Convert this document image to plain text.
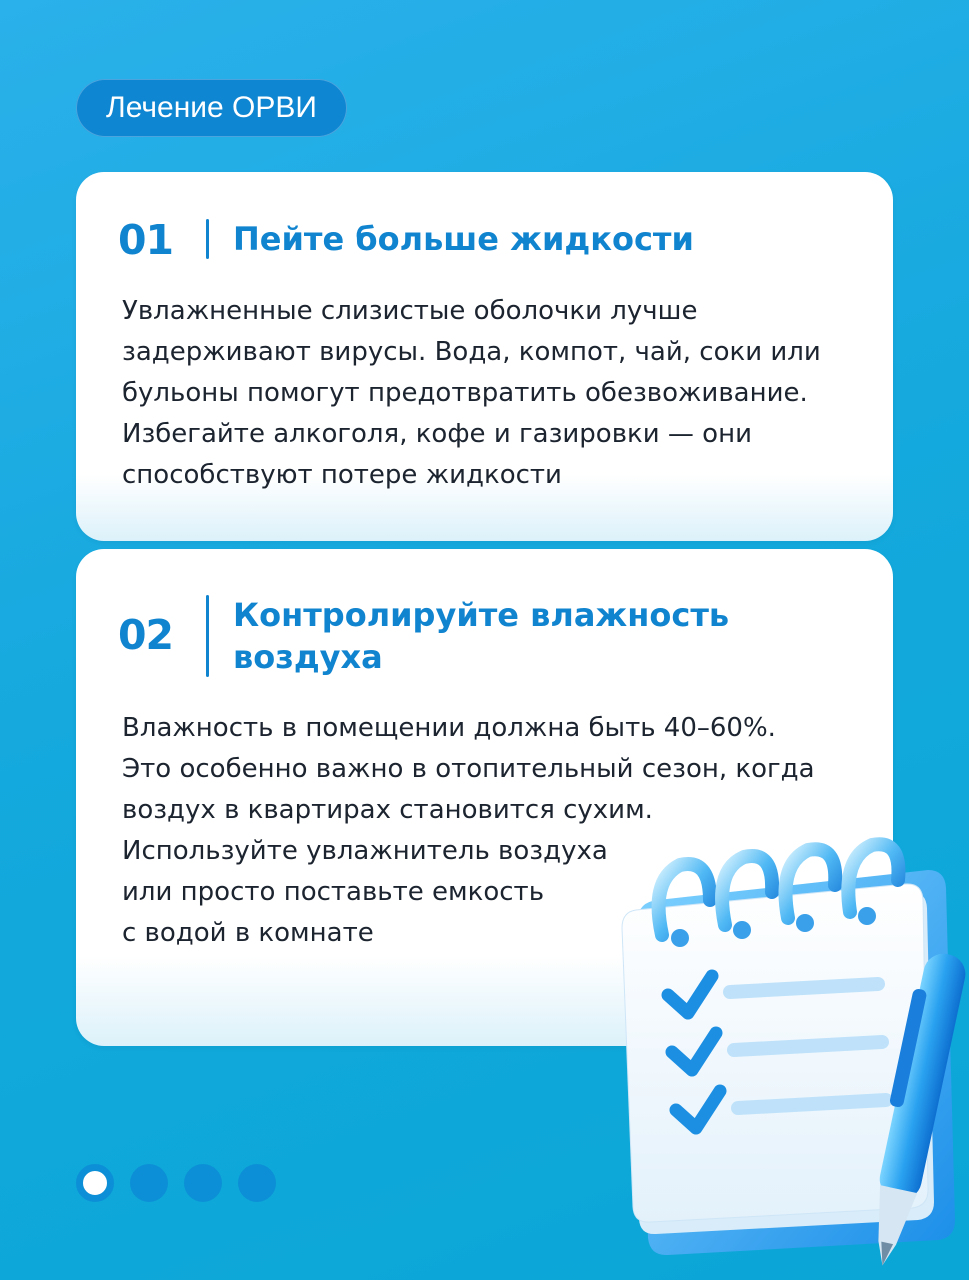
Лечение ОРВИ
01 Пейте больше жидкости
Увлажненные слизистые оболочки лучше
задерживают вирусы. Вода, компот, чай, соки или
бульоны помогут предотвратить обезвоживание.
Избегайте алкоголя, кофе и газировки — они
способствуют потере жидкости
02 Контролируйте влажность
воздуха
Влажность в помещении должна быть 40–60%.
Это особенно важно в отопительный сезон, когда
воздух в квартирах становится сухим.
Используйте увлажнитель воздуха
или просто поставьте емкость
с водой в комнате
